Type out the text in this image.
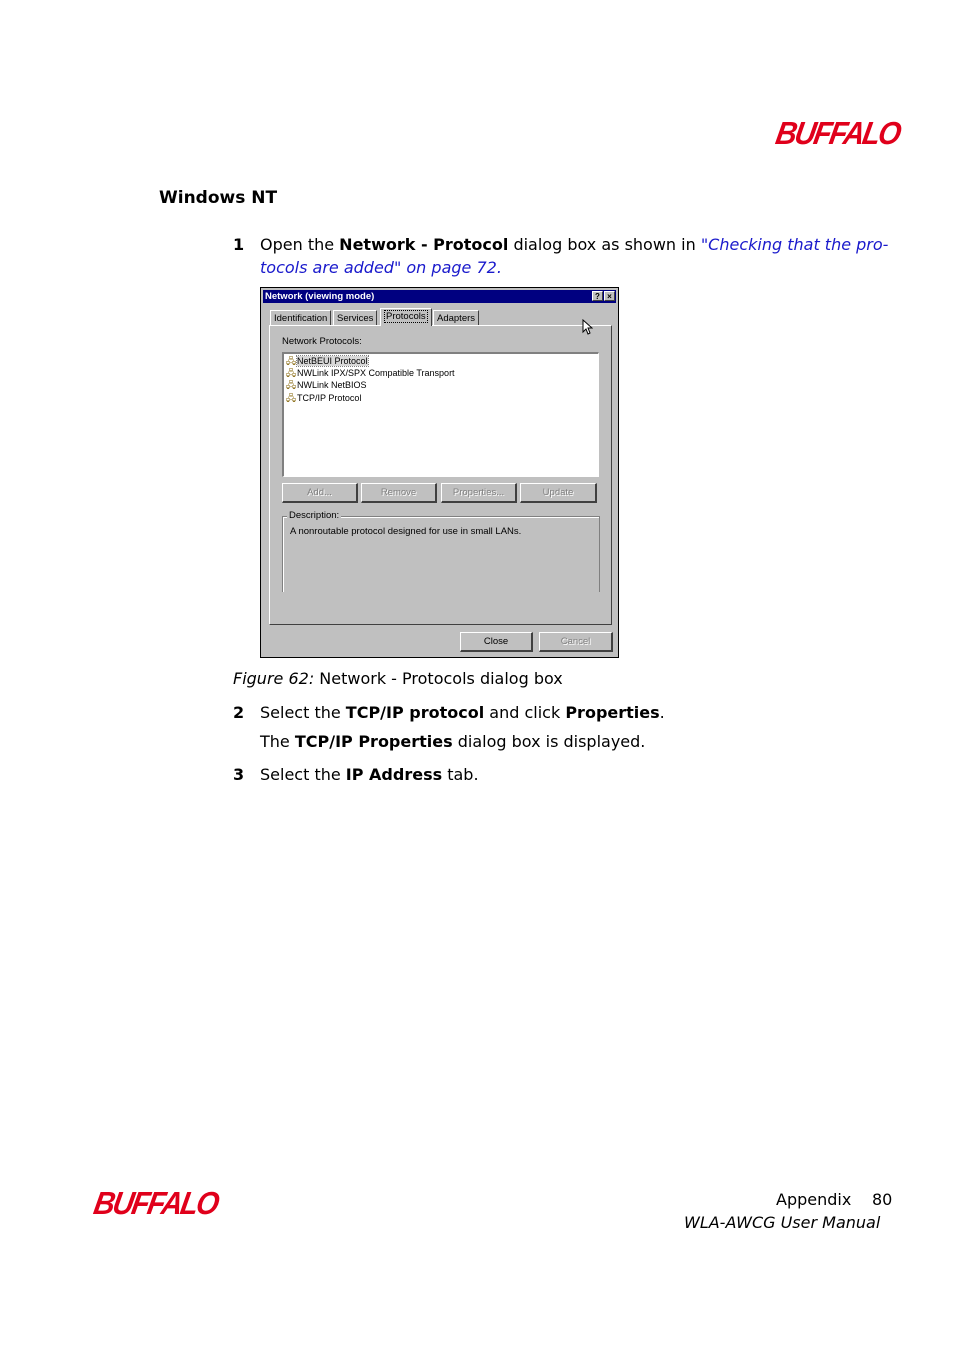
BUFFALO
Windows NT
1 Open the Network - Protocol dialog box as shown in "Checking that the pro-
tocols are added" on page 72.
Network (viewing mode)	? ×
Identification	Services	Protocols	Adapters
Network Protocols:
🖧NetBEUI Protocol
🖧NWLink IPX/SPX Compatible Transport
🖧NWLink NetBIOS
🖧TCP/IP Protocol
Add...	Remove	Properties...	Update
Description:
A nonroutable protocol designed for use in small LANs.
Close	Cancel
Figure 62: Network - Protocols dialog box
2 Select the TCP/IP protocol and click Properties.
The TCP/IP Properties dialog box is displayed.
3 Select the IP Address tab.
BUFFALO	Appendix 80
WLA-AWCG User Manual
